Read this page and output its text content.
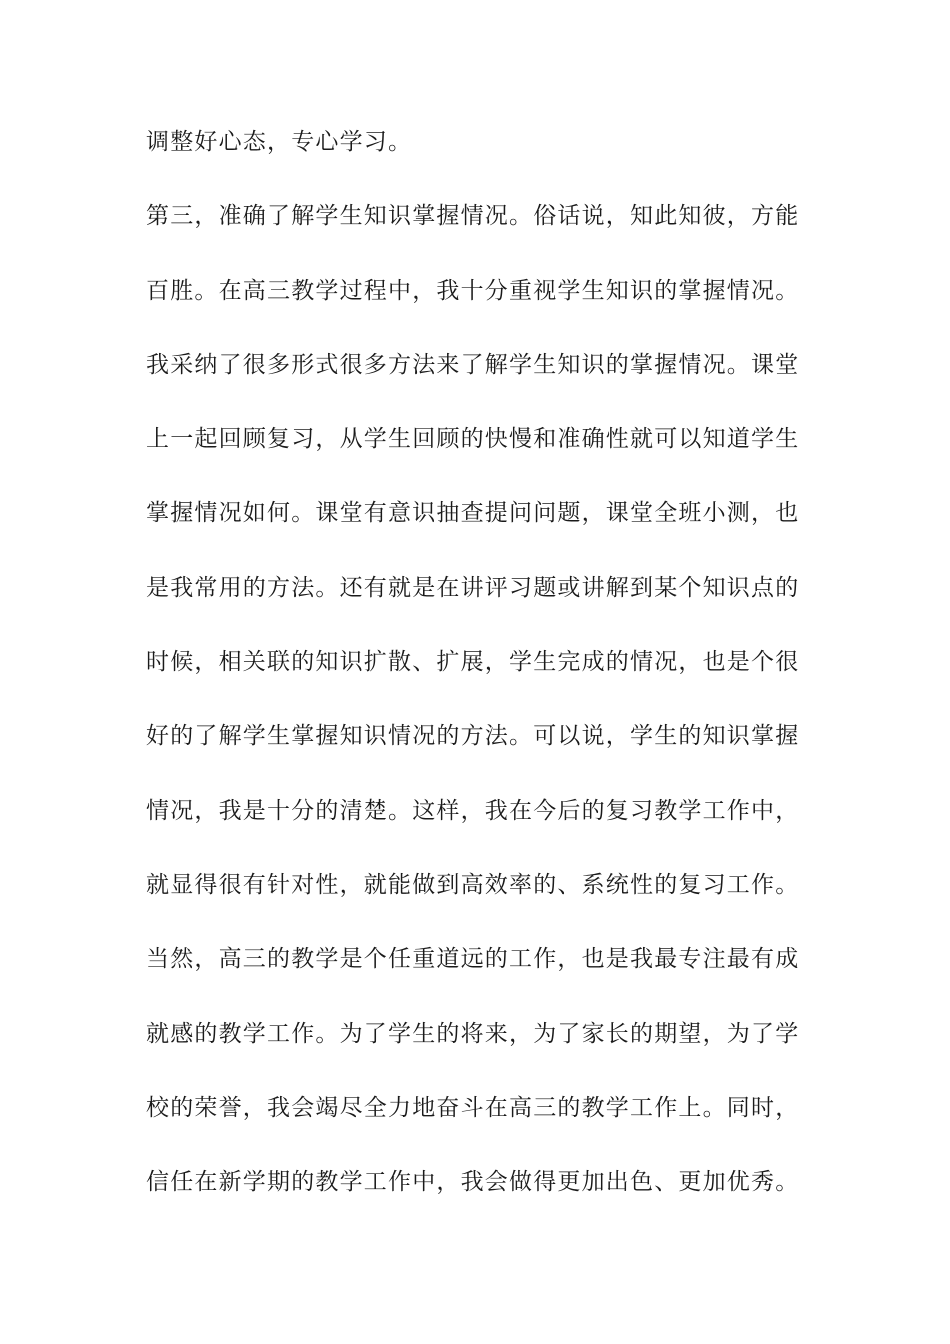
调整好心态，专心学习。
第三，准确了解学生知识掌握情况。俗话说，知此知彼，方能
百胜。在高三教学过程中，我十分重视学生知识的掌握情况。
我采纳了很多形式很多方法来了解学生知识的掌握情况。课堂
上一起回顾复习，从学生回顾的快慢和准确性就可以知道学生
掌握情况如何。课堂有意识抽查提问问题，课堂全班小测，也
是我常用的方法。还有就是在讲评习题或讲解到某个知识点的
时候，相关联的知识扩散、扩展，学生完成的情况，也是个很
好的了解学生掌握知识情况的方法。可以说，学生的知识掌握
情况，我是十分的清楚。这样，我在今后的复习教学工作中，
就显得很有针对性，就能做到高效率的、系统性的复习工作。
当然，高三的教学是个任重道远的工作，也是我最专注最有成
就感的教学工作。为了学生的将来，为了家长的期望，为了学
校的荣誉，我会竭尽全力地奋斗在高三的教学工作上。同时，
信任在新学期的教学工作中，我会做得更加出色、更加优秀。
